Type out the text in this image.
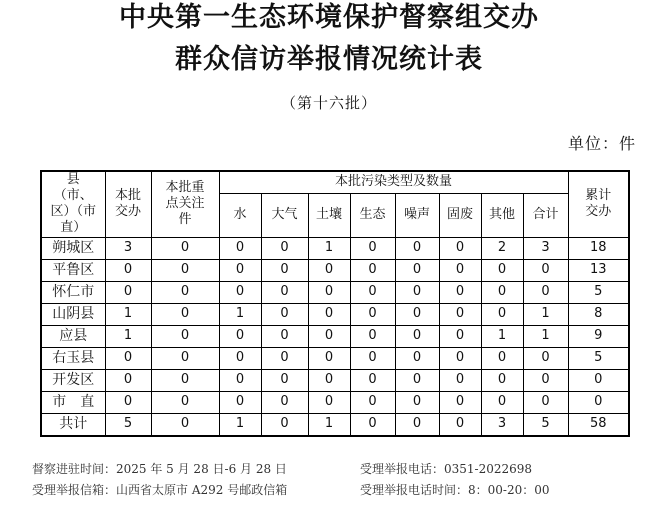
中央第一生态环境保护督察组交办
群众信访举报情况统计表
（第十六批）
单位：件
县（市、区）（市直）	本批交办	本批重点关注件	本批污染类型及数量								累计交办
			水	大气	土壤	生态	噪声	固废	其他	合计	
朔城区	3	0	0	0	1	0	0	0	2	3	18
平鲁区	0	0	0	0	0	0	0	0	0	0	13
怀仁市	0	0	0	0	0	0	0	0	0	0	5
山阴县	1	0	1	0	0	0	0	0	0	1	8
应县	1	0	0	0	0	0	0	0	1	1	9
右玉县	0	0	0	0	0	0	0	0	0	0	5
开发区	0	0	0	0	0	0	0	0	0	0	0
市　直	0	0	0	0	0	0	0	0	0	0	0
共计	5	0	1	0	1	0	0	0	3	5	58
督察进驻时间：2025 年 5 月 28 日-6 月 28 日	受理举报电话：0351-2022698
受理举报信箱：山西省太原市 A292 号邮政信箱	受理举报电话时间：8：00-20：00
